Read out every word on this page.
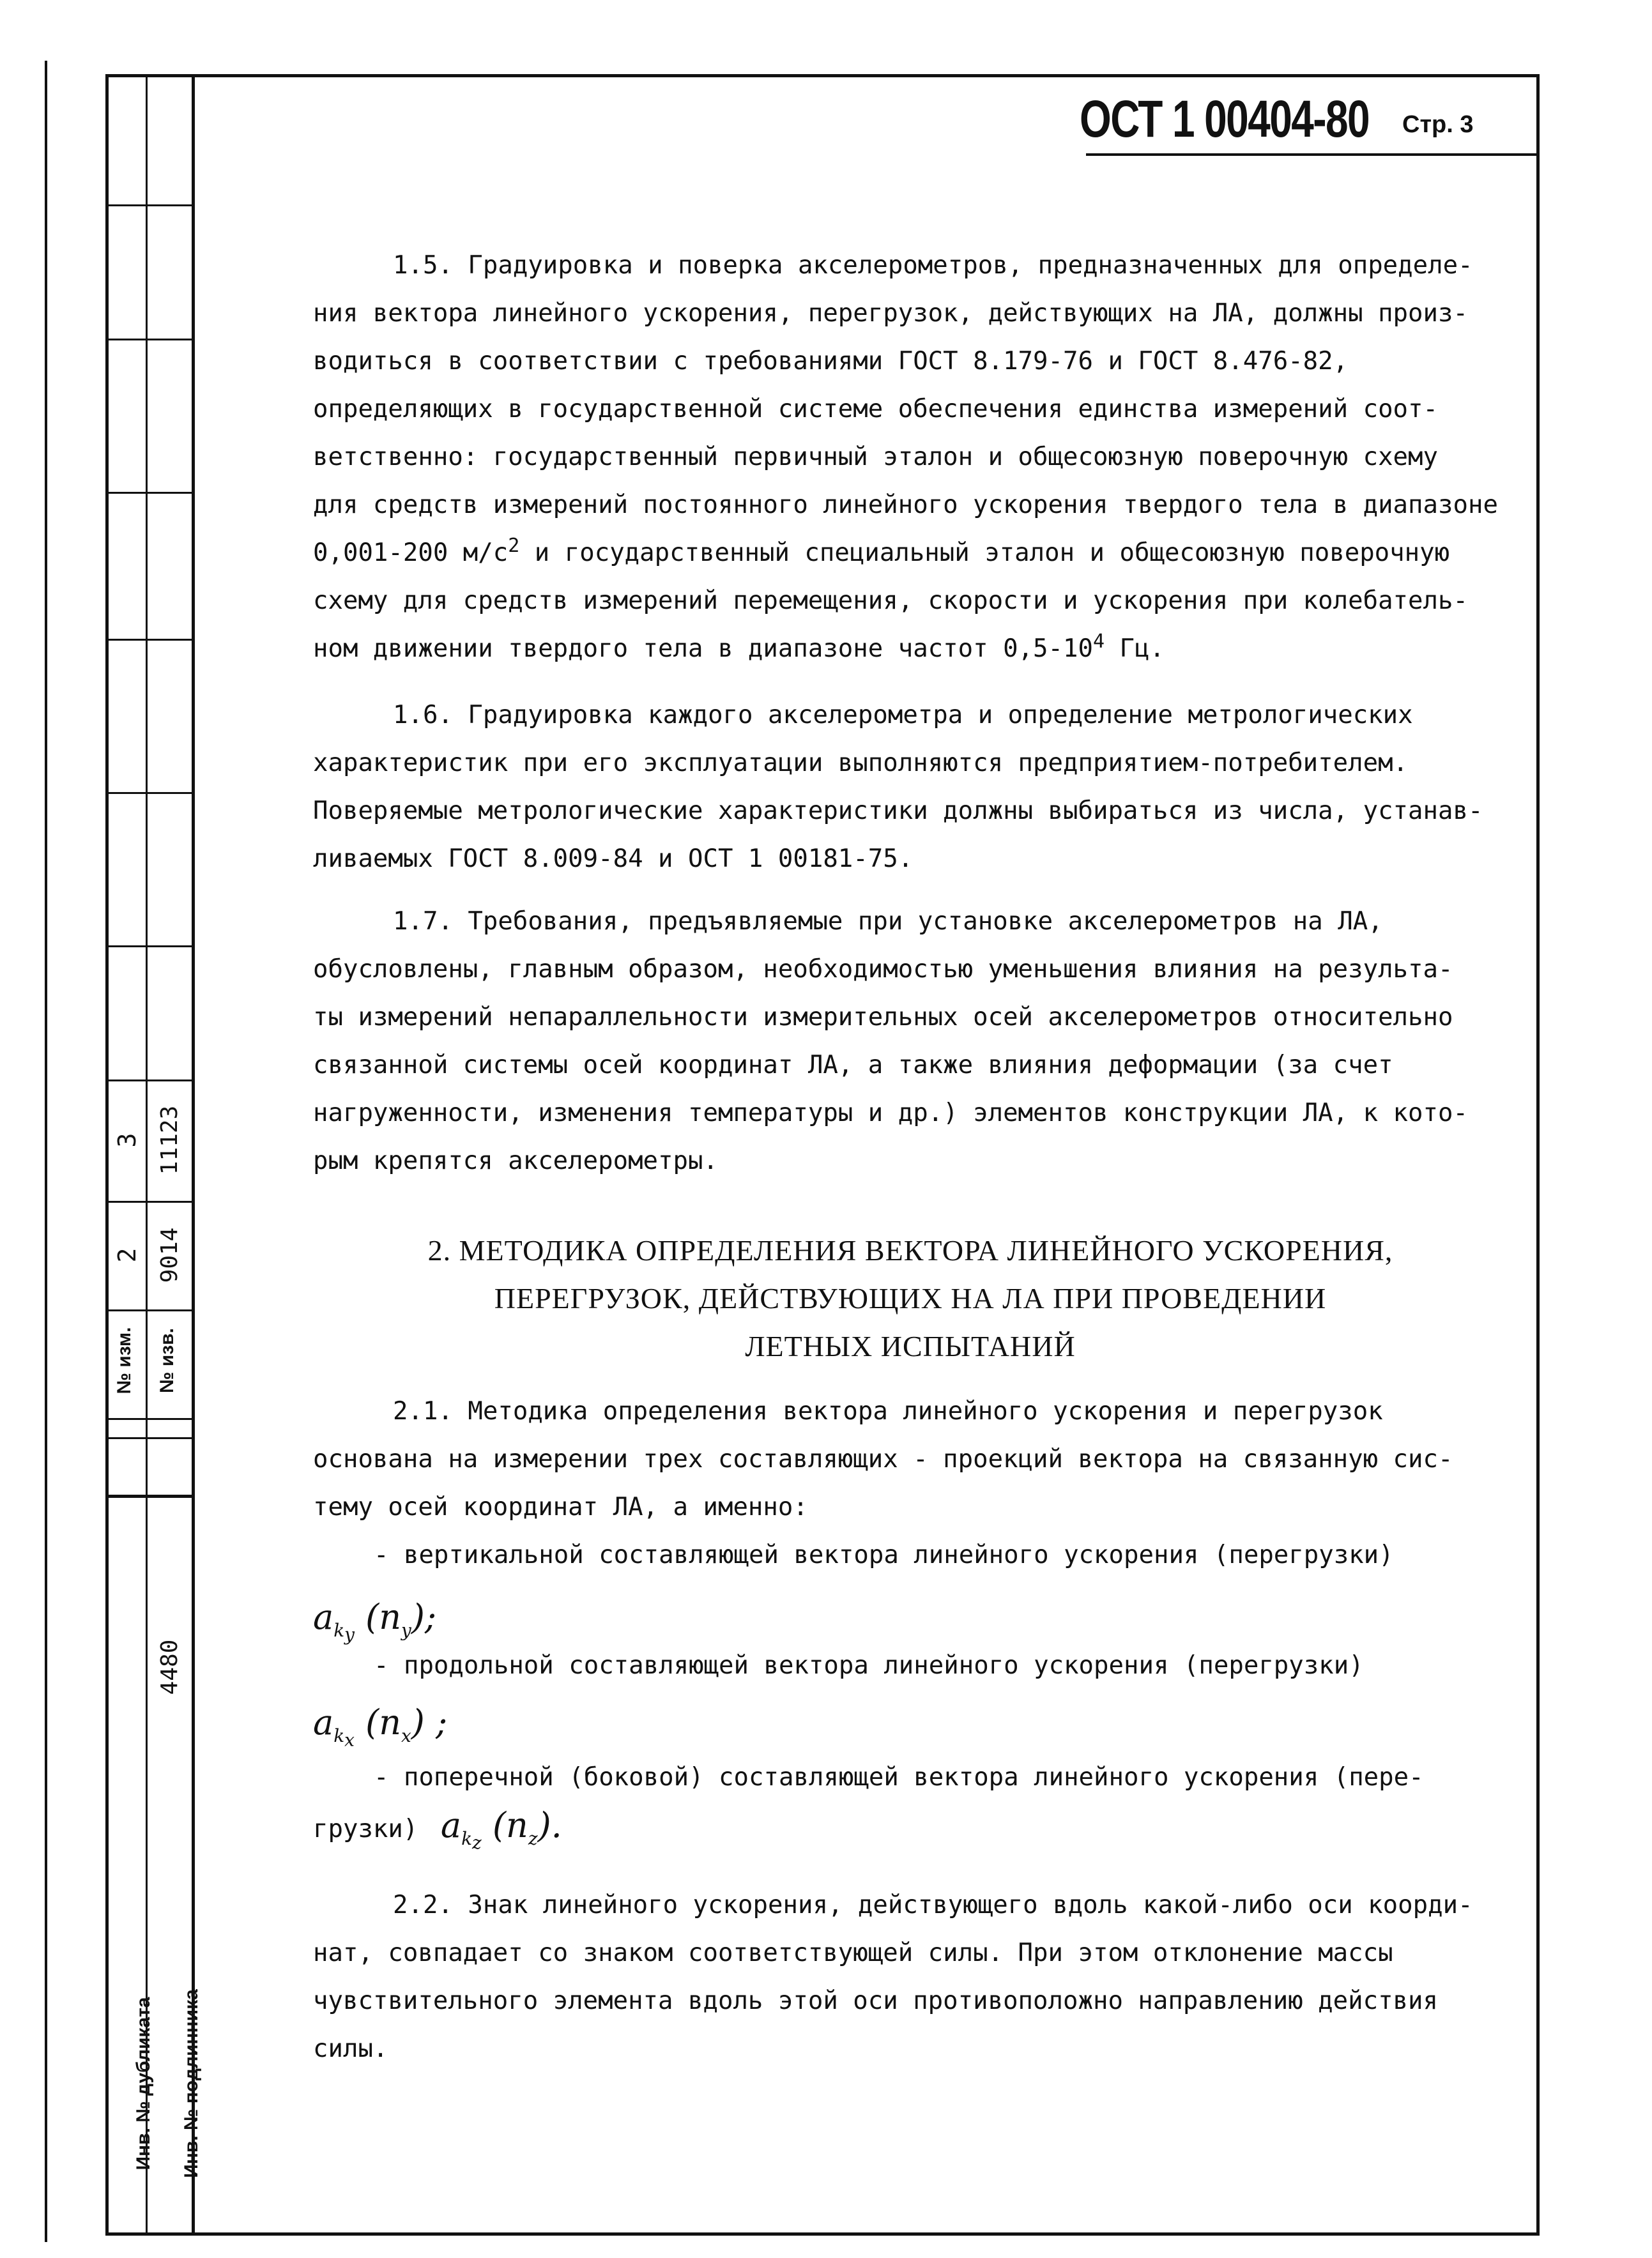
№ изм. № изв.
2
3
9014
11123
4480
Инв. № дубликата	Инв. № подлинника
ОСТ 1 00404-80 Стр. 3
1.5. Градуировка и поверка акселерометров, предназначенных для определе-
ния вектора линейного ускорения, перегрузок, действующих на ЛА, должны произ-
водиться в соответствии с требованиями ГОСТ 8.179-76 и ГОСТ 8.476-82,
определяющих в государственной системе обеспечения единства измерений соот-
ветственно: государственный первичный эталон и общесоюзную поверочную схему
для средств измерений постоянного линейного ускорения твердого тела в диапазоне
0,001-200 $м/с^2$ и государственный специальный эталон и общесоюзную поверочную
схему для средств измерений перемещения, скорости и ускорения при колебатель-
ном движении твердого тела в диапазоне частот $0,5-10^4$ Гц.
1.6. Градуировка каждого акселерометра и определение метрологических
характеристик при его эксплуатации выполняются предприятием-потребителем.
Поверяемые метрологические характеристики должны выбираться из числа, устанав-
ливаемых ГОСТ 8.009-84 и ОСТ 1 00181-75.
1.7. Требования, предъявляемые при установке акселерометров на ЛА,
обусловлены, главным образом, необходимостью уменьшения влияния на результа-
ты измерений непараллельности измерительных осей акселерометров относительно
связанной системы осей координат ЛА, а также влияния деформации (за счет
нагруженности, изменения температуры и др.) элементов конструкции ЛА, к кото-
рым крепятся акселерометры.
2. МЕТОДИКА ОПРЕДЕЛЕНИЯ ВЕКТОРА ЛИНЕЙНОГО УСКОРЕНИЯ,
ПЕРЕГРУЗОК, ДЕЙСТВУЮЩИХ НА ЛА ПРИ ПРОВЕДЕНИИ
ЛЕТНЫХ ИСПЫТАНИЙ
2.1. Методика определения вектора линейного ускорения и перегрузок
основана на измерении трех составляющих - проекций вектора на связанную сис-
тему осей координат ЛА, а именно:
- вертикальной составляющей вектора линейного ускорения (перегрузки)
$a_{k_y}$ $(n_y)$;
- продольной составляющей вектора линейного ускорения (перегрузки)
$a_{k_x}$ $(n_x)$ ;
- поперечной (боковой) составляющей вектора линейного ускорения (пере-
грузки) $a_{k_z}$ $(n_z)$.
2.2. Знак линейного ускорения, действующего вдоль какой-либо оси коорди-
нат, совпадает со знаком соответствующей силы. При этом отклонение массы
чувствительного элемента вдоль этой оси противоположно направлению действия
силы.
